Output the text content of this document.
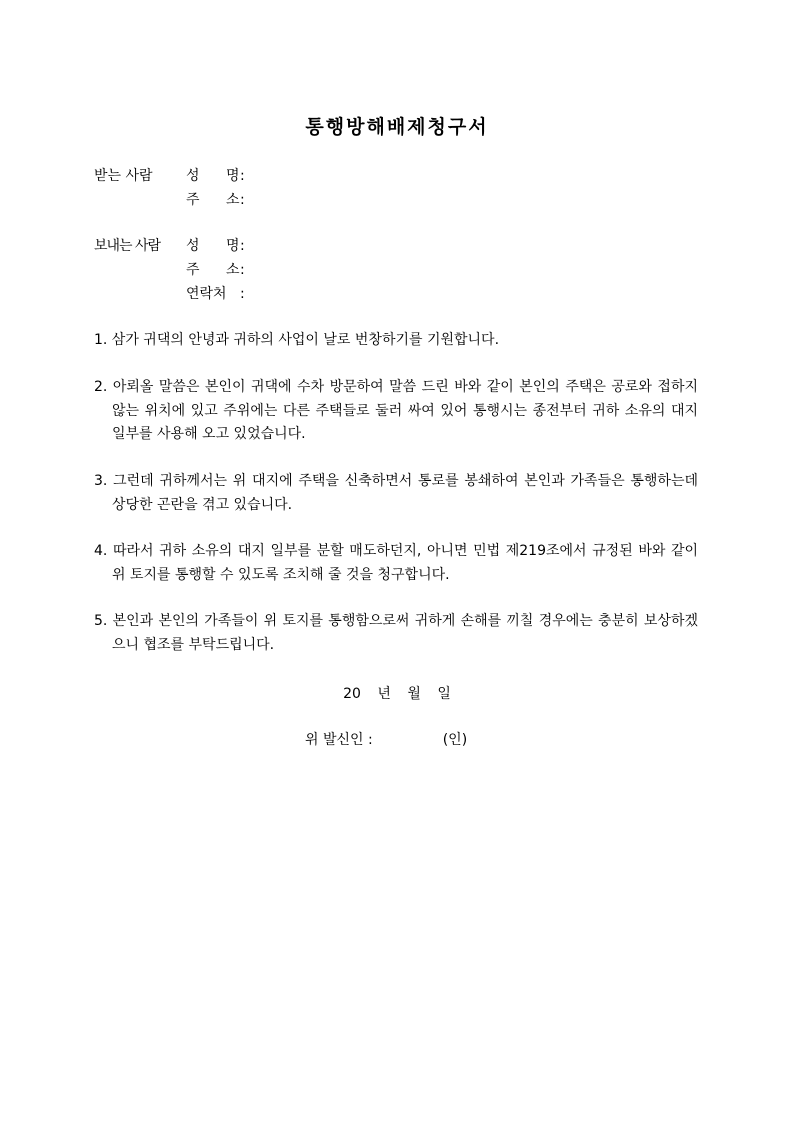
통행방해배제청구서
받는 사람 성 명 :
주 소 :
보내는 사람 성 명 :
주 소 :
연락처 :
1. 삼가 귀댁의 안녕과 귀하의 사업이 날로 번창하기를 기원합니다.
2. 아뢰올 말씀은 본인이 귀댁에 수차 방문하여 말씀 드린 바와 같이 본인의 주택은 공로와 접하지 않는 위치에 있고 주위에는 다른 주택들로 둘러 싸여 있어 통행시는 종전부터 귀하 소유의 대지 일부를 사용해 오고 있었습니다.
3. 그런데 귀하께서는 위 대지에 주택을 신축하면서 통로를 봉쇄하여 본인과 가족들은 통행하는데 상당한 곤란을 겪고 있습니다.
4. 따라서 귀하 소유의 대지 일부를 분할 매도하던지, 아니면 민법 제219조에서 규정된 바와 같이 위 토지를 통행할 수 있도록 조치해 줄 것을 청구합니다.
5. 본인과 본인의 가족들이 위 토지를 통행함으로써 귀하게 손해를 끼칠 경우에는 충분히 보상하겠으니 협조를 부탁드립니다.
20 년 월 일
위 발신인 :	(인)
